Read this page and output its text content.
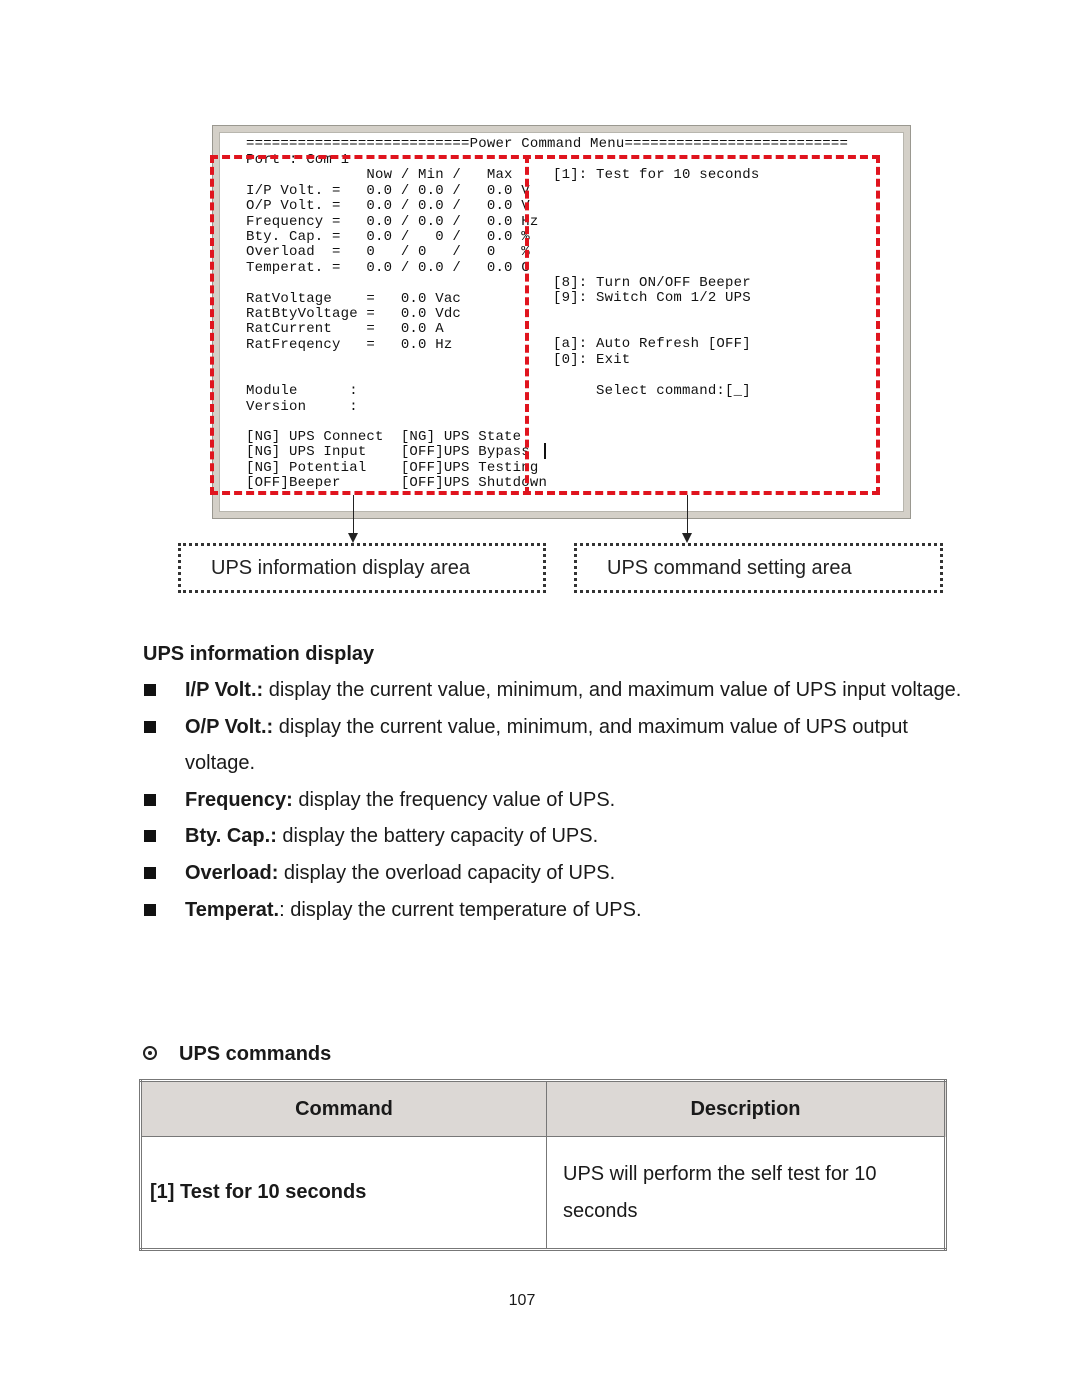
==========================Power Command Menu==========================
Port : Com 1
Now / Min /   Max
I/P Volt. =   0.0 / 0.0 /   0.0 V
O/P Volt. =   0.0 / 0.0 /   0.0 V
Frequency =   0.0 / 0.0 /   0.0 Hz
Bty. Cap. =   0.0 /   0 /   0.0 %
Overload  =   0   / 0   /   0   %
Temperat. =   0.0 / 0.0 /   0.0 C

RatVoltage    =   0.0 Vac
RatBtyVoltage =   0.0 Vdc
RatCurrent    =   0.0 A
RatFreqency   =   0.0 Hz

Module      :
Version     :
[1]: Test for 10 seconds

[8]: Turn ON/OFF Beeper
[9]: Switch Com 1/2 UPS

[a]: Auto Refresh [OFF]
[0]: Exit

Select command:[_]
[NG] UPS Connect  [NG] UPS State
[NG] UPS Input    [OFF]UPS Bypass
[NG] Potential    [OFF]UPS Testing
[OFF]Beeper       [OFF]UPS Shutdown
UPS information display area	UPS command setting area
UPS information display
I/P Volt.: display the current value, minimum, and maximum value of UPS input voltage.
O/P Volt.: display the current value, minimum, and maximum value of UPS output voltage.
Frequency: display the frequency value of UPS.
Bty. Cap.: display the battery capacity of UPS.
Overload: display the overload capacity of UPS.
Temperat.: display the current temperature of UPS.
UPS commands
Command	Description
[1] Test for 10 seconds	UPS will perform the self test for 10 seconds
107
